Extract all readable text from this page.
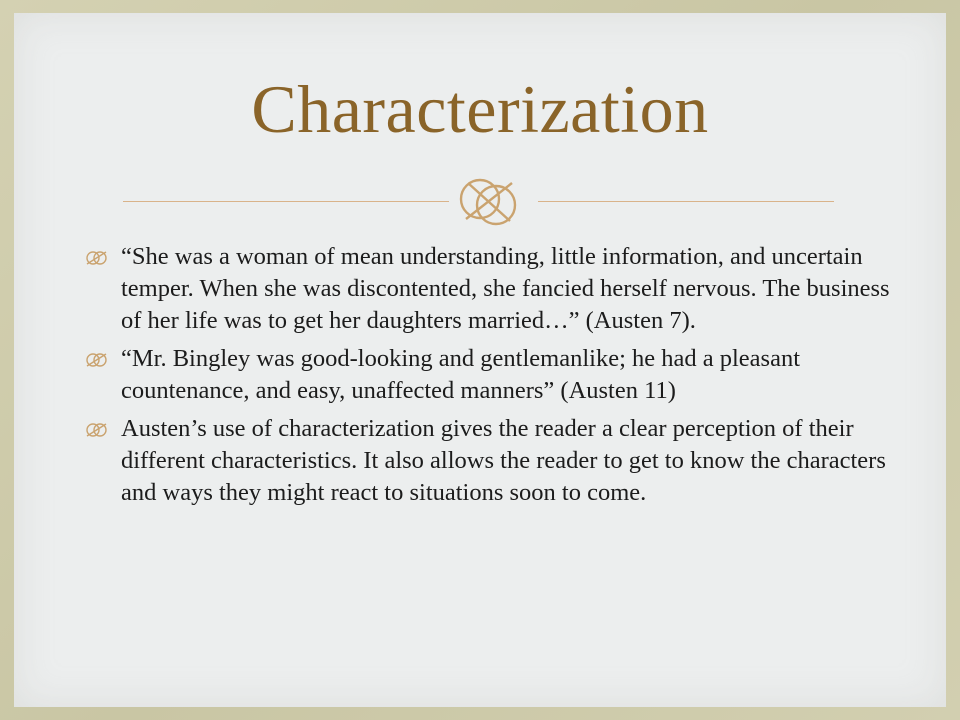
Characterization
“She was a woman of mean understanding, little information, and uncertain temper. When she was discontented, she fancied herself nervous. The business of her life was to get her daughters married…” (Austen 7).
“Mr. Bingley was good-looking and gentlemanlike; he had a pleasant countenance, and easy, unaffected manners” (Austen 11)
Austen’s use of characterization gives the reader a clear perception of their different characteristics. It also allows the reader to get to know the characters and ways they might react to situations soon to come.
